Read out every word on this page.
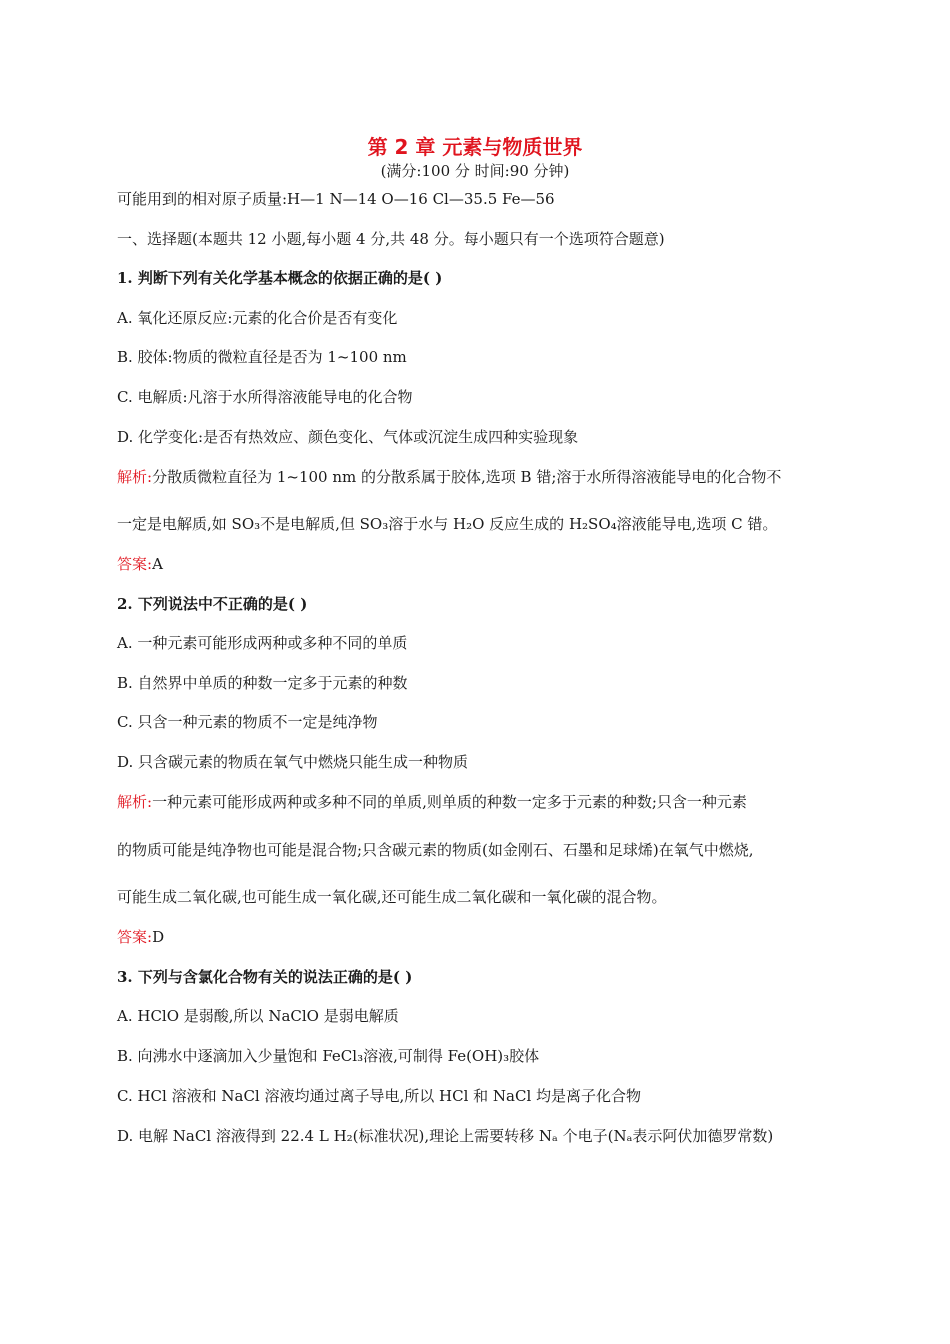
第 2 章 元素与物质世界
(满分:100 分 时间:90 分钟)
可能用到的相对原子质量:H—1 N—14 O—16 Cl—35.5 Fe—56
一、选择题(本题共 12 小题,每小题 4 分,共 48 分。每小题只有一个选项符合题意)
1. 判断下列有关化学基本概念的依据正确的是( )
A. 氧化还原反应:元素的化合价是否有变化
B. 胶体:物质的微粒直径是否为 1~100 nm
C. 电解质:凡溶于水所得溶液能导电的化合物
D. 化学变化:是否有热效应、颜色变化、气体或沉淀生成四种实验现象
解析:分散质微粒直径为 1~100 nm 的分散系属于胶体,选项 B 错;溶于水所得溶液能导电的化合物不
一定是电解质,如 SO₃不是电解质,但 SO₃溶于水与 H₂O 反应生成的 H₂SO₄溶液能导电,选项 C 错。
答案:A
2. 下列说法中不正确的是( )
A. 一种元素可能形成两种或多种不同的单质
B. 自然界中单质的种数一定多于元素的种数
C. 只含一种元素的物质不一定是纯净物
D. 只含碳元素的物质在氧气中燃烧只能生成一种物质
解析:一种元素可能形成两种或多种不同的单质,则单质的种数一定多于元素的种数;只含一种元素
的物质可能是纯净物也可能是混合物;只含碳元素的物质(如金刚石、石墨和足球烯)在氧气中燃烧,
可能生成二氧化碳,也可能生成一氧化碳,还可能生成二氧化碳和一氧化碳的混合物。
答案:D
3. 下列与含氯化合物有关的说法正确的是( )
A. HClO 是弱酸,所以 NaClO 是弱电解质
B. 向沸水中逐滴加入少量饱和 FeCl₃溶液,可制得 Fe(OH)₃胶体
C. HCl 溶液和 NaCl 溶液均通过离子导电,所以 HCl 和 NaCl 均是离子化合物
D. 电解 NaCl 溶液得到 22.4 L H₂(标准状况),理论上需要转移 Nₐ 个电子(Nₐ表示阿伏加德罗常数)
